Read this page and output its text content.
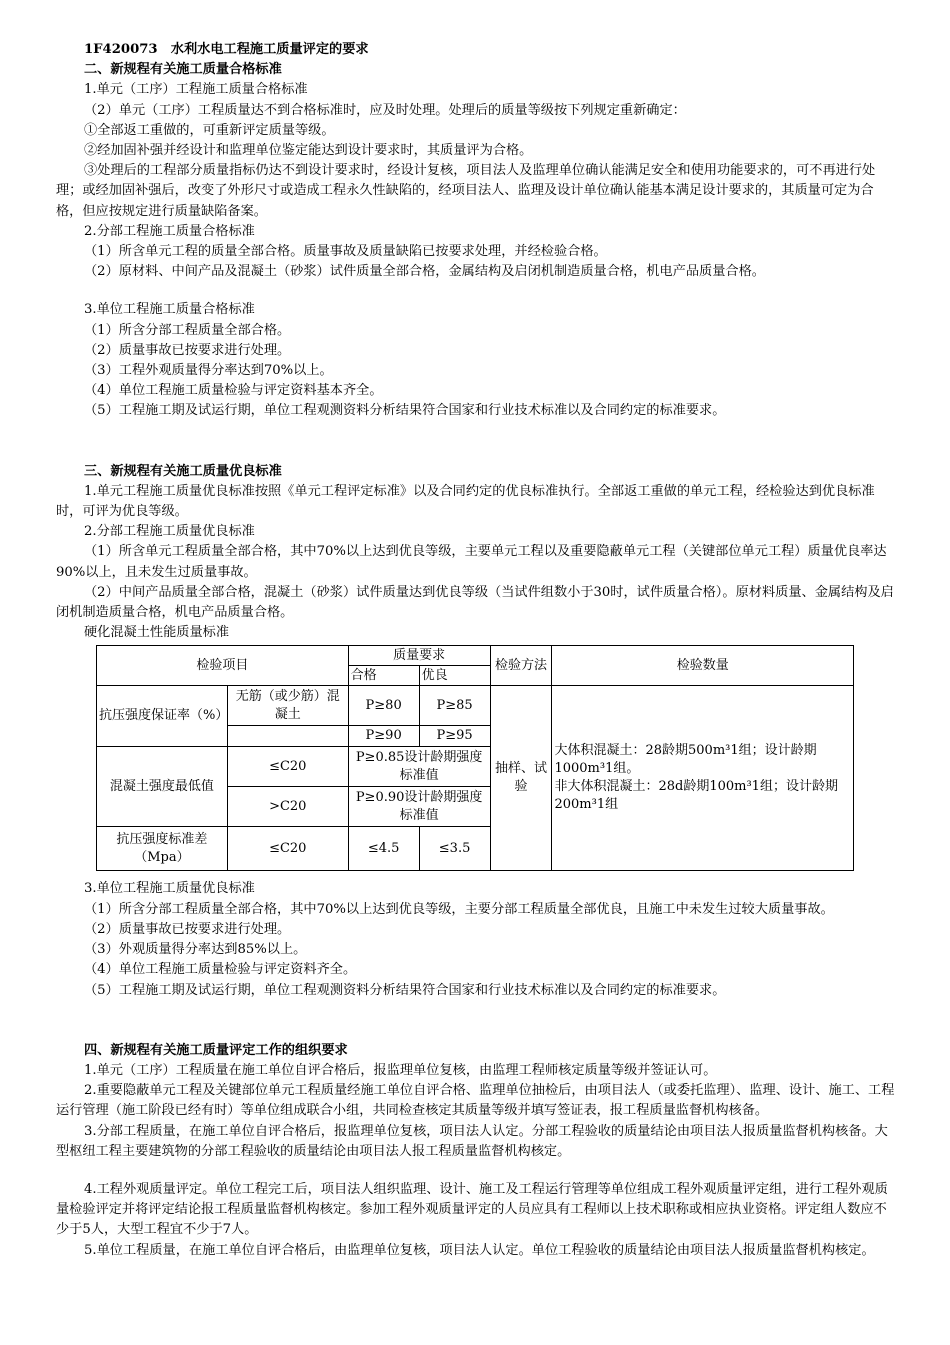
1F420073　水利水电工程施工质量评定的要求
二、新规程有关施工质量合格标准
1.单元（工序）工程施工质量合格标准
（2）单元（工序）工程质量达不到合格标准时，应及时处理。处理后的质量等级按下列规定重新确定：
①全部返工重做的，可重新评定质量等级。
②经加固补强并经设计和监理单位鉴定能达到设计要求时，其质量评为合格。
③处理后的工程部分质量指标仍达不到设计要求时，经设计复核，项目法人及监理单位确认能满足安全和使用功能要求的，可不再进行处理；或经加固补强后，改变了外形尺寸或造成工程永久性缺陷的，经项目法人、监理及设计单位确认能基本满足设计要求的，其质量可定为合格，但应按规定进行质量缺陷备案。
2.分部工程施工质量合格标准
（1）所含单元工程的质量全部合格。质量事故及质量缺陷已按要求处理，并经检验合格。
（2）原材料、中间产品及混凝土（砂浆）试件质量全部合格，金属结构及启闭机制造质量合格，机电产品质量合格。
3.单位工程施工质量合格标准
（1）所含分部工程质量全部合格。
（2）质量事故已按要求进行处理。
（3）工程外观质量得分率达到70%以上。
（4）单位工程施工质量检验与评定资料基本齐全。
（5）工程施工期及试运行期，单位工程观测资料分析结果符合国家和行业技术标准以及合同约定的标准要求。
三、新规程有关施工质量优良标准
1.单元工程施工质量优良标准按照《单元工程评定标准》以及合同约定的优良标准执行。全部返工重做的单元工程，经检验达到优良标准时，可评为优良等级。
2.分部工程施工质量优良标准
（1）所含单元工程质量全部合格，其中70%以上达到优良等级，主要单元工程以及重要隐蔽单元工程（关键部位单元工程）质量优良率达90%以上，且未发生过质量事故。
（2）中间产品质量全部合格，混凝土（砂浆）试件质量达到优良等级（当试件组数小于30时，试件质量合格）。原材料质量、金属结构及启闭机制造质量合格，机电产品质量合格。
硬化混凝土性能质量标准
检验项目		质量要求		检验方法	检验数量
		合格	优良		
抗压强度保证率（%）	无筋（或少筋）混凝土	P≥80	P≥85	抽样、试验	大体积混凝土：28龄期500m³1组；设计龄期1000m³1组。
非大体积混凝土：28d龄期100m³1组；设计龄期200m³1组

		P≥90	P≥95		
混凝土强度最低值	≤C20	P≥0.85设计龄期强度标准值			
	>C20	P≥0.90设计龄期强度标准值			
抗压强度标准差（Mpa）	≤C20	≤4.5	≤3.5		
3.单位工程施工质量优良标准
（1）所含分部工程质量全部合格，其中70%以上达到优良等级，主要分部工程质量全部优良，且施工中未发生过较大质量事故。
（2）质量事故已按要求进行处理。
（3）外观质量得分率达到85%以上。
（4）单位工程施工质量检验与评定资料齐全。
（5）工程施工期及试运行期，单位工程观测资料分析结果符合国家和行业技术标准以及合同约定的标准要求。
四、新规程有关施工质量评定工作的组织要求
1.单元（工序）工程质量在施工单位自评合格后，报监理单位复核，由监理工程师核定质量等级并签证认可。
2.重要隐蔽单元工程及关键部位单元工程质量经施工单位自评合格、监理单位抽检后，由项目法人（或委托监理）、监理、设计、施工、工程运行管理（施工阶段已经有时）等单位组成联合小组，共同检查核定其质量等级并填写签证表，报工程质量监督机构核备。
3.分部工程质量，在施工单位自评合格后，报监理单位复核，项目法人认定。分部工程验收的质量结论由项目法人报质量监督机构核备。大型枢纽工程主要建筑物的分部工程验收的质量结论由项目法人报工程质量监督机构核定。
4.工程外观质量评定。单位工程完工后，项目法人组织监理、设计、施工及工程运行管理等单位组成工程外观质量评定组，进行工程外观质量检验评定并将评定结论报工程质量监督机构核定。参加工程外观质量评定的人员应具有工程师以上技术职称或相应执业资格。评定组人数应不少于5人，大型工程宜不少于7人。
5.单位工程质量，在施工单位自评合格后，由监理单位复核，项目法人认定。单位工程验收的质量结论由项目法人报质量监督机构核定。
